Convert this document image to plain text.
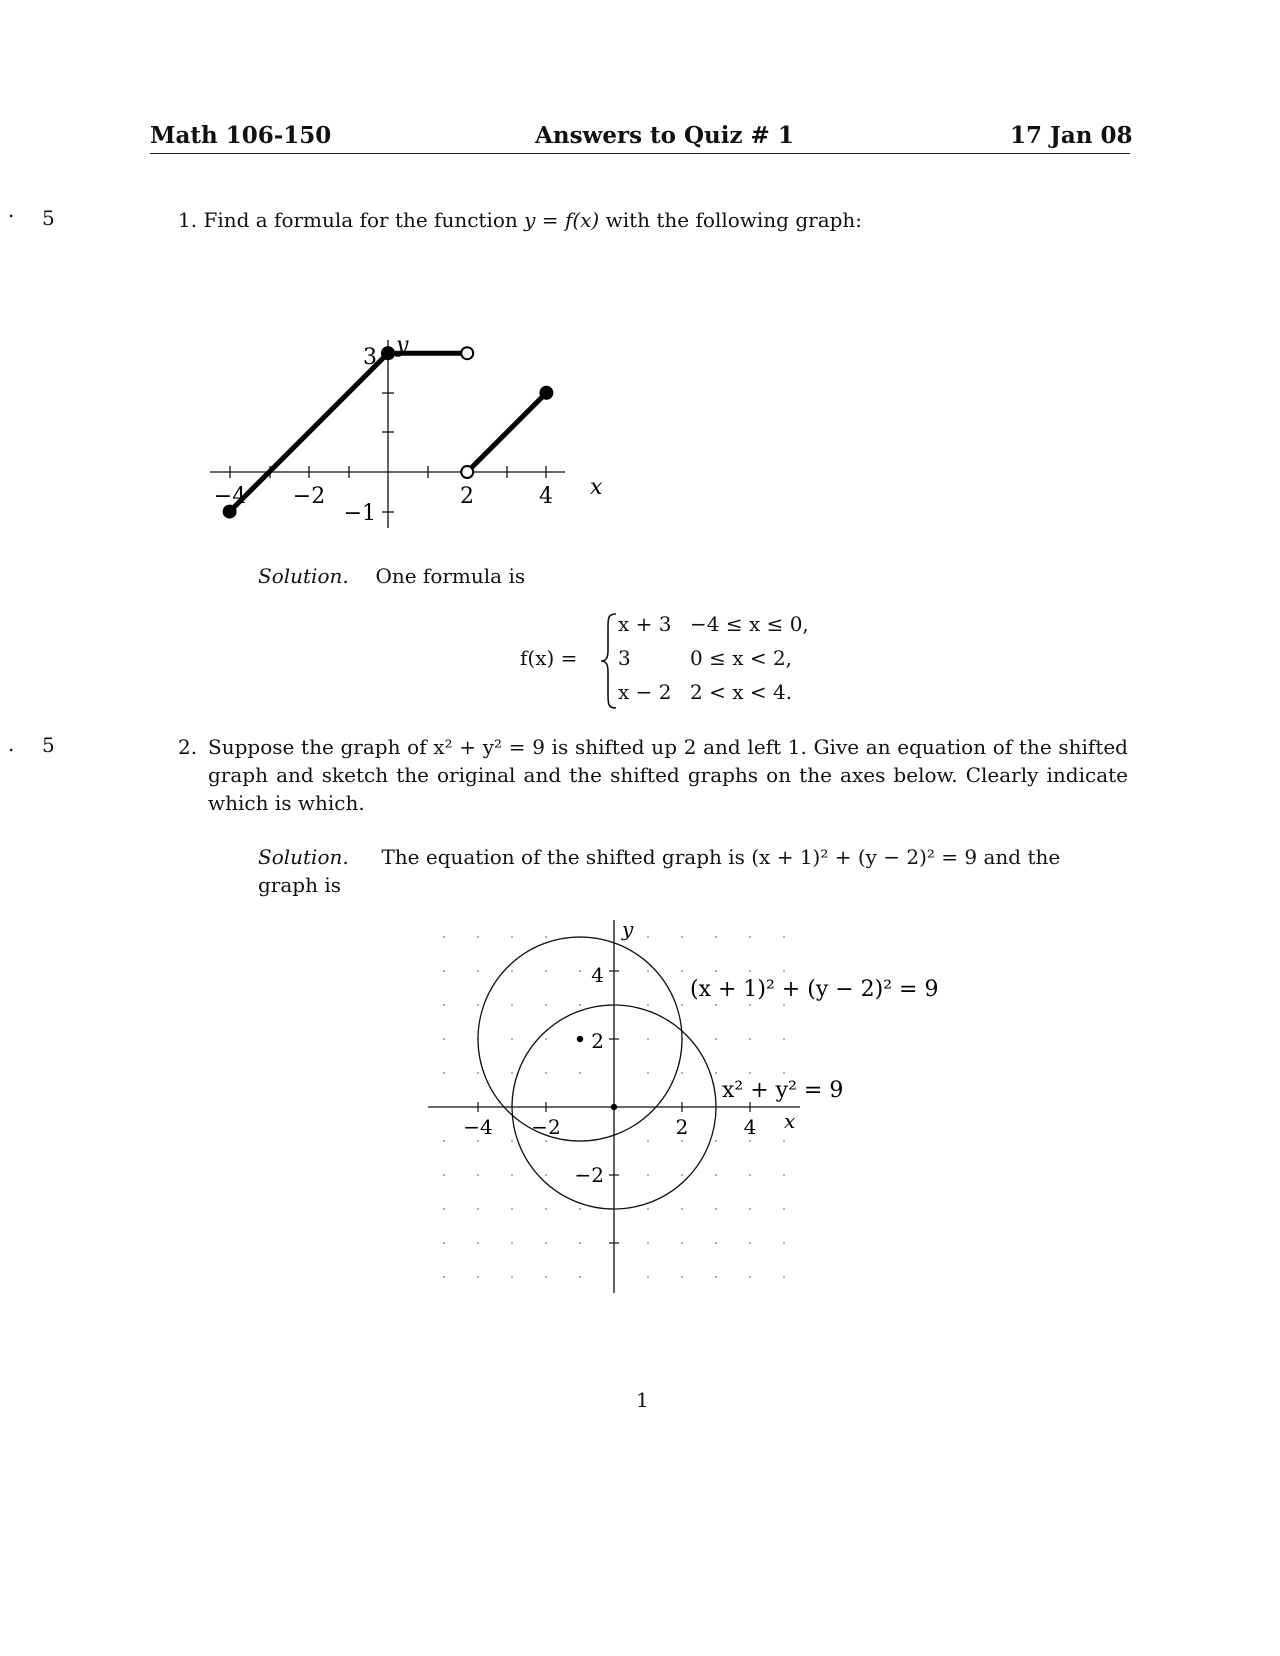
Math 106-150	Answers to Quiz # 1	17 Jan 08
. 5
. 5
1. Find a formula for the function y = f(x) with the following graph:
−4 −2	2	4
−1
3 y
x
Solution. One formula is
f(x) =
x + 3 −4 ≤ x ≤ 0,
3	0 ≤ x < 2,
x − 2 2 < x < 4.
2. Suppose the graph of x² + y² = 9 is shifted up 2 and left 1. Give an equation of the shifted
graph and sketch the original and the shifted graphs on the axes below. Clearly indicate
which is which.
Solution. The equation of the shifted graph is (x + 1)² + (y − 2)² = 9 and the
graph is
−4 −2	2	4
4
2
−2
y
x
(x + 1)² + (y − 2)² = 9
x² + y² = 9
1
